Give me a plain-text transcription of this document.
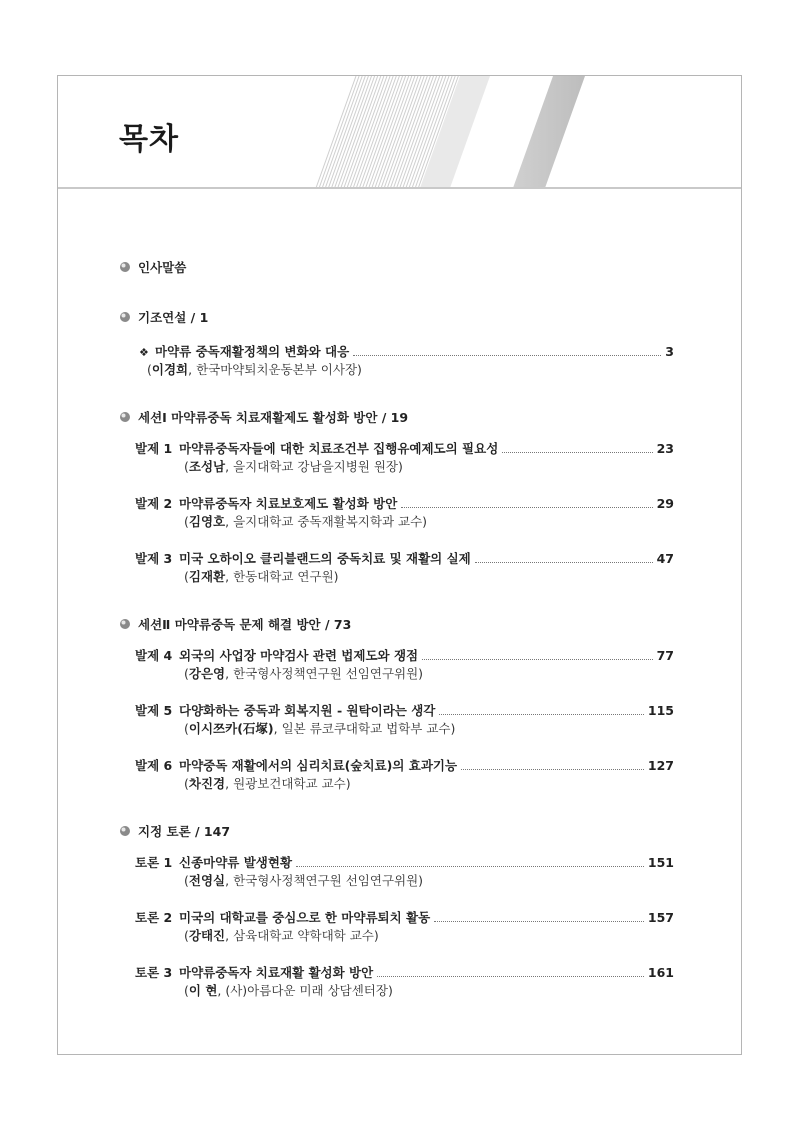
목차
인사말씀
기조연설 / 1
❖ 마약류 중독재활정책의 변화와 대응	3
(이경희, 한국마약퇴치운동본부 이사장)
세션Ⅰ 마약류중독 치료재활제도 활성화 방안 / 19
발제 1 마약류중독자들에 대한 치료조건부 집행유예제도의 필요성	23
(조성남, 을지대학교 강남을지병원 원장)
발제 2 마약류중독자 치료보호제도 활성화 방안	29
(김영호, 을지대학교 중독재활복지학과 교수)
발제 3 미국 오하이오 클리블랜드의 중독치료 및 재활의 실제	47
(김재환, 한동대학교 연구원)
세션Ⅱ 마약류중독 문제 해결 방안 / 73
발제 4 외국의 사업장 마약검사 관련 법제도와 쟁점	77
(강은영, 한국형사정책연구원 선임연구위원)
발제 5 다양화하는 중독과 회복지원 - 원탁이라는 생각	115
(이시쯔카(石塚), 일본 류코쿠대학교 법학부 교수)
발제 6 마약중독 재활에서의 심리치료(숲치료)의 효과기능	127
(차진경, 원광보건대학교 교수)
지정 토론 / 147
토론 1 신종마약류 발생현황	151
(전영실, 한국형사정책연구원 선임연구위원)
토론 2 미국의 대학교를 중심으로 한 마약류퇴치 활동	157
(강태진, 삼육대학교 약학대학 교수)
토론 3 마약류중독자 치료재활 활성화 방안	161
(이 현, (사)아름다운 미래 상담센터장)
